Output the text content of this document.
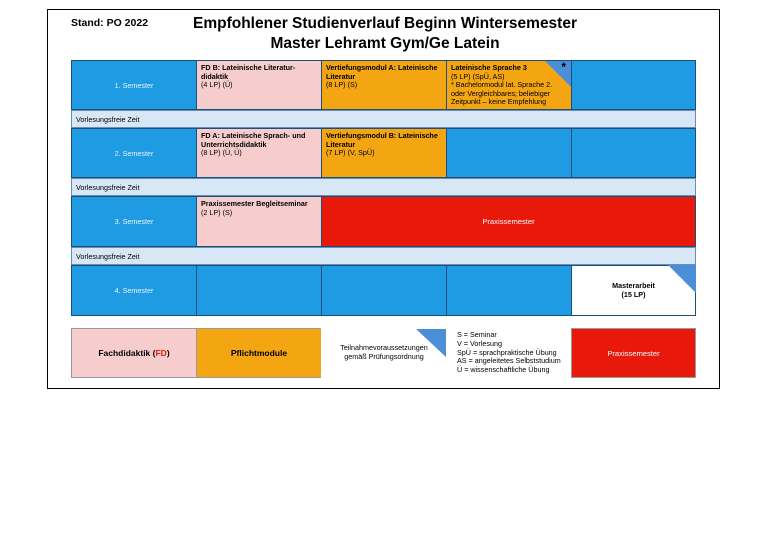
Stand: PO 2022	Empfohlener Studienverlauf Beginn Wintersemester
Master Lehramt Gym/Ge Latein
1. Semester
FD B: Lateinische Literatur-didaktik
(4 LP) (Ü)
Vertiefungsmodul A: Lateinische Literatur
(8 LP) (S)
*
Lateinische Sprache 3
(5 LP) (SpÜ, AS)
* Bachelormodul lat. Sprache 2. oder Vergleichbares; beliebiger Zeitpunkt – keine Empfehlung
Vorlesungsfreie Zeit
2. Semester
FD A: Lateinische Sprach- und Unterrichtsdidaktik
(8 LP) (Ü, Ü)
Vertiefungsmodul B: Lateinische Literatur
(7 LP) (V, SpÜ)
Vorlesungsfreie Zeit
3. Semester
Praxissemester Begleitseminar
(2 LP) (S)
Praxissemester
Vorlesungsfreie Zeit
4. Semester
Masterarbeit
(15 LP)
Fachdidaktik ( FD )	Pflichtmodule
Teilnahmevoraussetzungen gemäß Prüfungsordnung
S = Seminar
V = Vorlesung
SpÜ = sprachpraktische Übung
AS = angeleitetes Selbststudium
Ü = wissenschaftliche Übung
Praxissemester
